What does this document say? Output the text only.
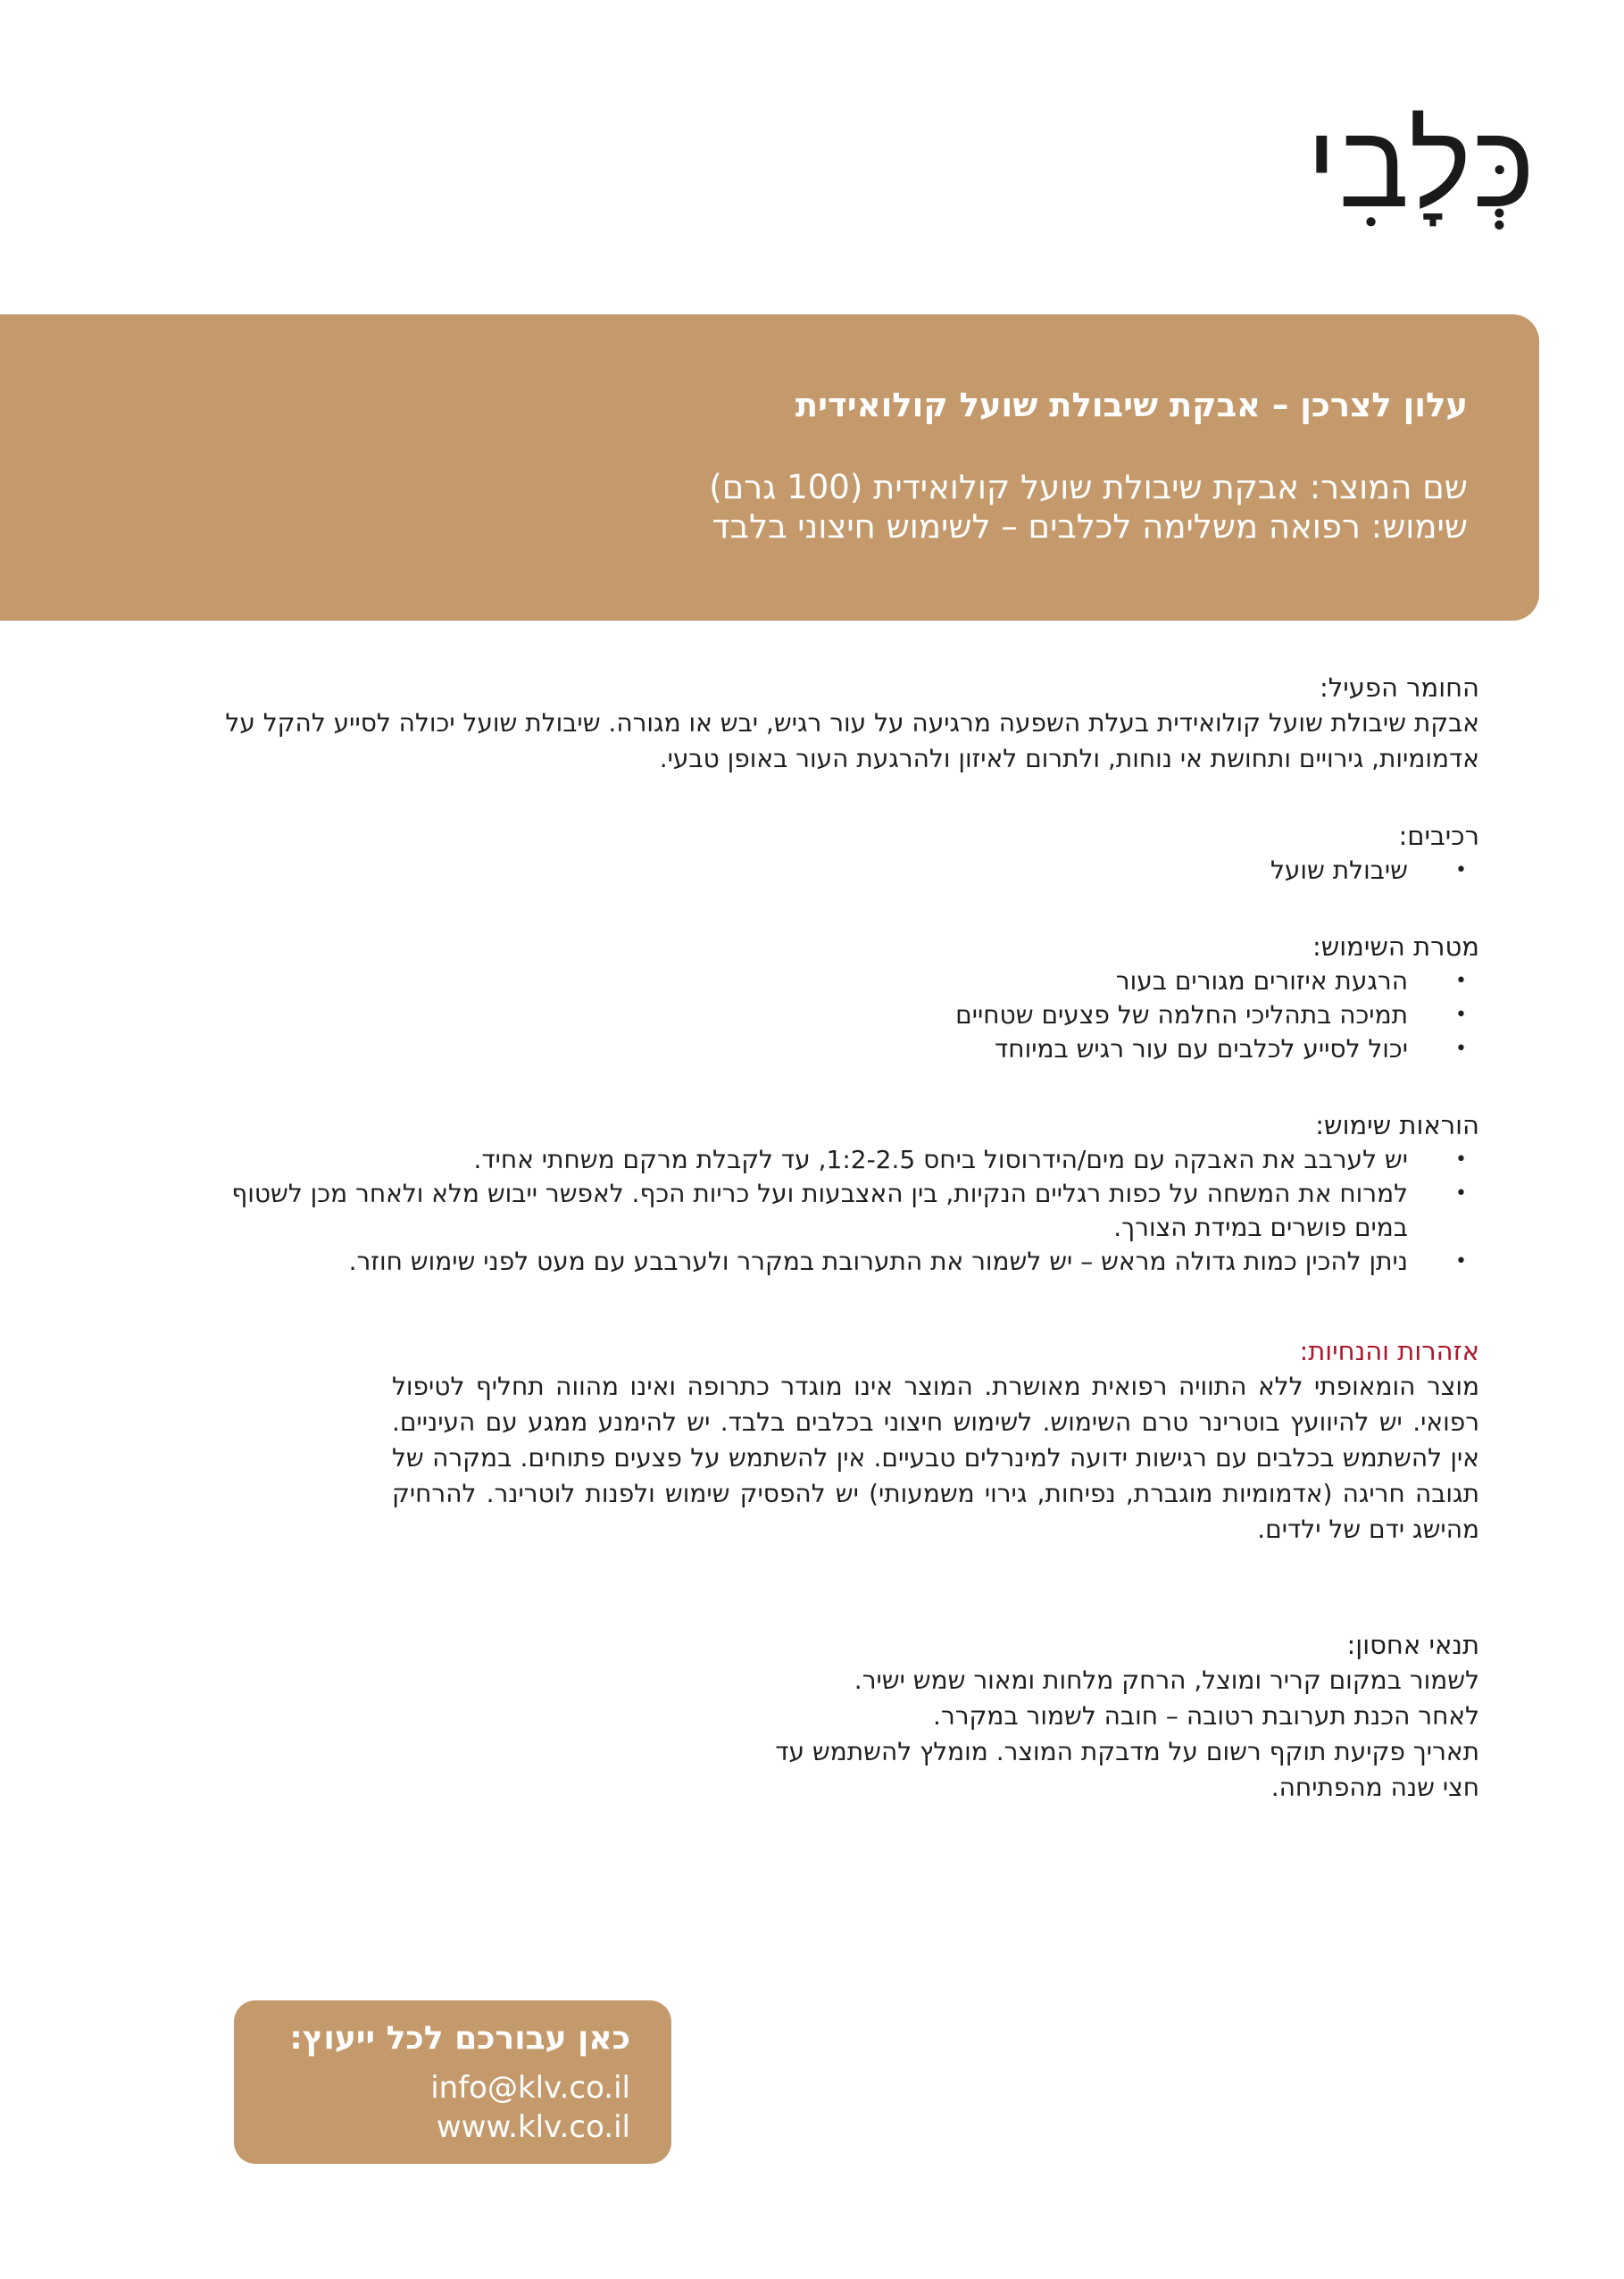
כְּלָבִי
עלון לצרכן – אבקת שיבולת שועל קולואידית
שם המוצר: אבקת שיבולת שועל קולואידית (100 גרם)
שימוש: רפואה משלימה לכלבים – לשימוש חיצוני בלבד
החומר הפעיל:

אבקת שיבולת שועל קולואידית בעלת השפעה מרגיעה על עור רגיש, יבש או מגורה. שיבולת שועל יכולה לסייע להקל על

אדמומיות, גירויים ותחושת אי נוחות, ולתרום לאיזון ולהרגעת העור באופן טבעי.

רכיבים:
•
שיבולת שועל
מטרת השימוש:
•
הרגעת איזורים מגורים בעור
•
תמיכה בתהליכי החלמה של פצעים שטחיים
•
יכול לסייע לכלבים עם עור רגיש במיוחד
הוראות שימוש:
•
יש לערבב את האבקה עם מים/הידרוסול ביחס 1:2-2.5, עד לקבלת מרקם משחתי אחיד.
•
למרוח את המשחה על כפות רגליים הנקיות, בין האצבעות ועל כריות הכף. לאפשר ייבוש מלא ולאחר מכן לשטוף
במים פושרים במידת הצורך.
•
ניתן להכין כמות גדולה מראש – יש לשמור את התערובת במקרר ולערבבע עם מעט לפני שימוש חוזר.
אזהרות והנחיות:

מוצר הומאופתי ללא התוויה רפואית מאושרת. המוצר אינו מוגדר כתרופה ואינו מהווה תחליף לטיפול רפואי. יש להיוועץ בוטרינר טרם השימוש. לשימוש חיצוני בכלבים בלבד. יש להימנע ממגע עם העיניים. אין להשתמש בכלבים עם רגישות ידועה למינרלים טבעיים. אין להשתמש על פצעים פתוחים. במקרה של תגובה חריגה (אדמומיות מוגברת, נפיחות, גירוי משמעותי) יש להפסיק שימוש ולפנות לוטרינר. להרחיק מהישג ידם של ילדים.

תנאי אחסון:

לשמור במקום קריר ומוצל, הרחק מלחות ומאור שמש ישיר.

לאחר הכנת תערובת רטובה – חובה לשמור במקרר.

תאריך פקיעת תוקף רשום על מדבקת המוצר. מומלץ להשתמש עד

חצי שנה מהפתיחה.

כאן עבורכם לכל ייעוץ:
info@klv.co.il
www.klv.co.il
